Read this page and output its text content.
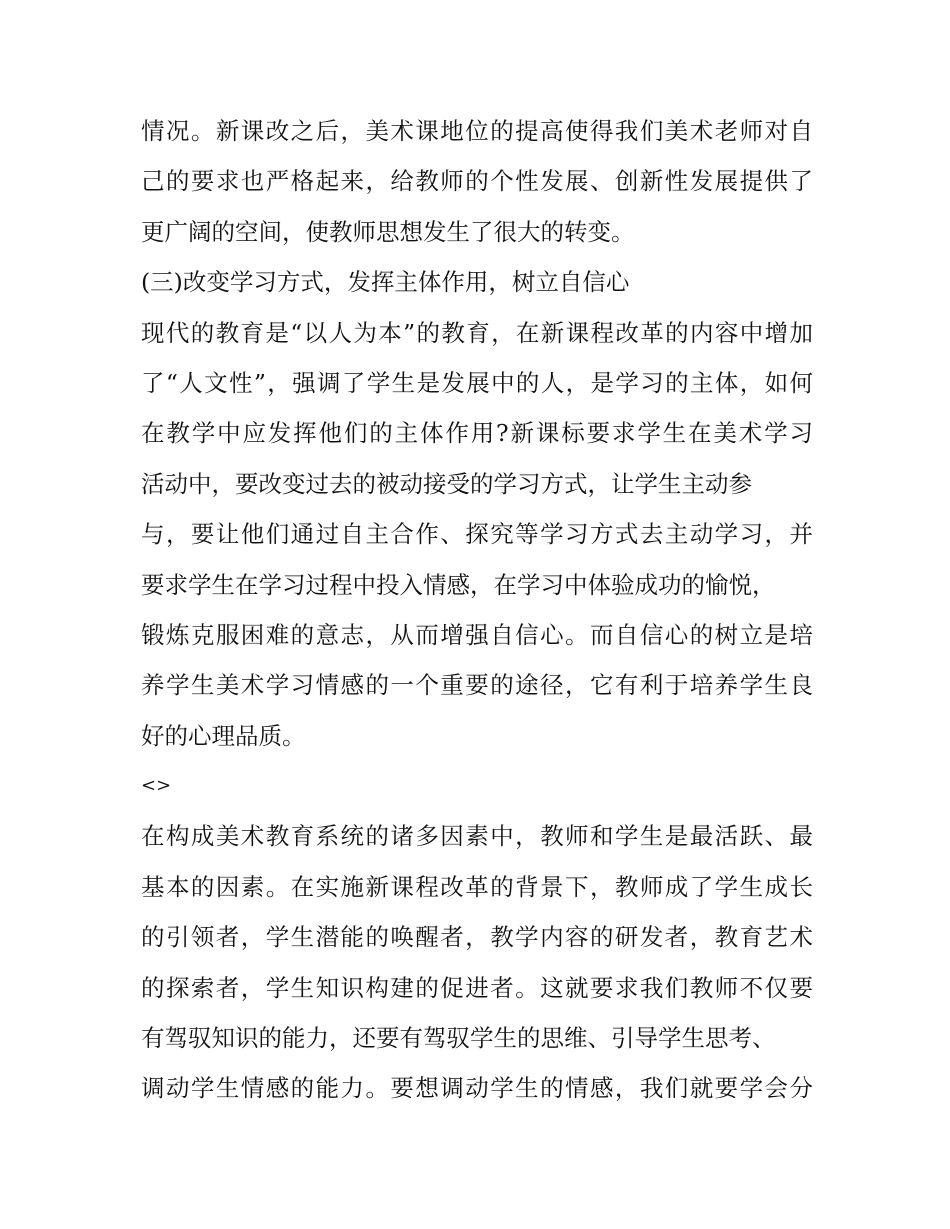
情况。新课改之后，美术课地位的提高使得我们美术老师对自
己的要求也严格起来，给教师的个性发展、创新性发展提供了
更广阔的空间，使教师思想发生了很大的转变。
(三)改变学习方式，发挥主体作用，树立自信心
现代的教育是“以人为本”的教育，在新课程改革的内容中增加
了“人文性”，强调了学生是发展中的人，是学习的主体，如何
在教学中应发挥他们的主体作用?新课标要求学生在美术学习
活动中，要改变过去的被动接受的学习方式，让学生主动参
与，要让他们通过自主合作、探究等学习方式去主动学习，并
要求学生在学习过程中投入情感，在学习中体验成功的愉悦，
锻炼克服困难的意志，从而增强自信心。而自信心的树立是培
养学生美术学习情感的一个重要的途径，它有利于培养学生良
好的心理品质。
<>
在构成美术教育系统的诸多因素中，教师和学生是最活跃、最
基本的因素。在实施新课程改革的背景下，教师成了学生成长
的引领者，学生潜能的唤醒者，教学内容的研发者，教育艺术
的探索者，学生知识构建的促进者。这就要求我们教师不仅要
有驾驭知识的能力，还要有驾驭学生的思维、引导学生思考、
调动学生情感的能力。要想调动学生的情感，我们就要学会分
